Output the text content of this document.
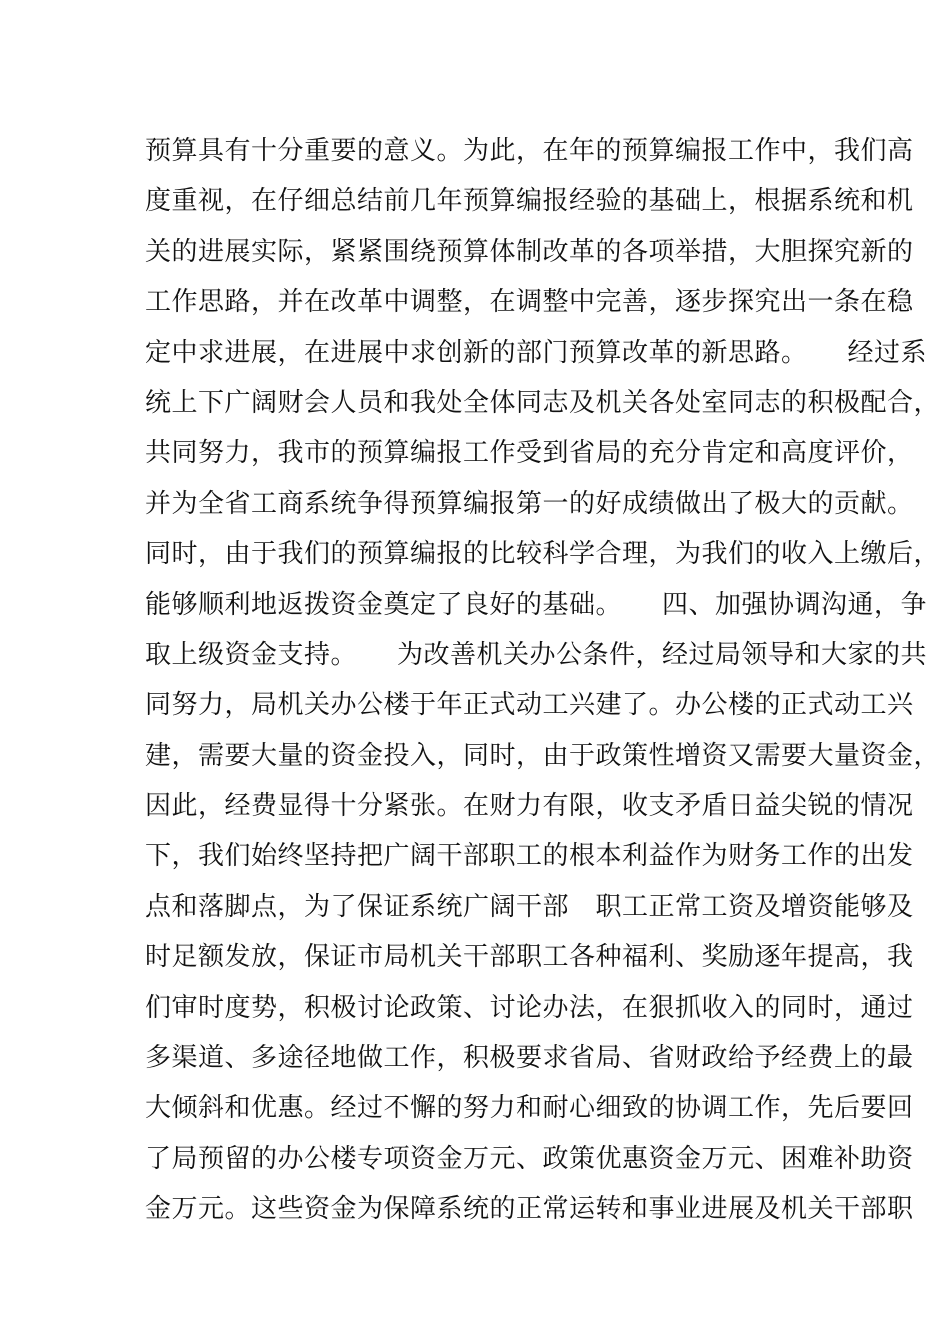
预算具有十分重要的意义。为此，在年的预算编报工作中，我们高
度重视，在仔细总结前几年预算编报经验的基础上，根据系统和机
关的进展实际，紧紧围绕预算体制改革的各项举措，大胆探究新的
工作思路，并在改革中调整，在调整中完善，逐步探究出一条在稳
定中求进展，在进展中求创新的部门预算改革的新思路。　　经过系
统上下广阔财会人员和我处全体同志及机关各处室同志的积极配合，
共同努力，我市的预算编报工作受到省局的充分肯定和高度评价，
并为全省工商系统争得预算编报第一的好成绩做出了极大的贡献。
同时，由于我们的预算编报的比较科学合理，为我们的收入上缴后，
能够顺利地返拨资金奠定了良好的基础。　　四、加强协调沟通，争
取上级资金支持。　　为改善机关办公条件，经过局领导和大家的共
同努力，局机关办公楼于年正式动工兴建了。办公楼的正式动工兴
建，需要大量的资金投入，同时，由于政策性增资又需要大量资金，
因此，经费显得十分紧张。在财力有限，收支矛盾日益尖锐的情况
下，我们始终坚持把广阔干部职工的根本利益作为财务工作的出发
点和落脚点，为了保证系统广阔干部　职工正常工资及增资能够及
时足额发放，保证市局机关干部职工各种福利、奖励逐年提高，我
们审时度势，积极讨论政策、讨论办法，在狠抓收入的同时，通过
多渠道、多途径地做工作，积极要求省局、省财政给予经费上的最
大倾斜和优惠。经过不懈的努力和耐心细致的协调工作，先后要回
了局预留的办公楼专项资金万元、政策优惠资金万元、困难补助资
金万元。这些资金为保障系统的正常运转和事业进展及机关干部职
